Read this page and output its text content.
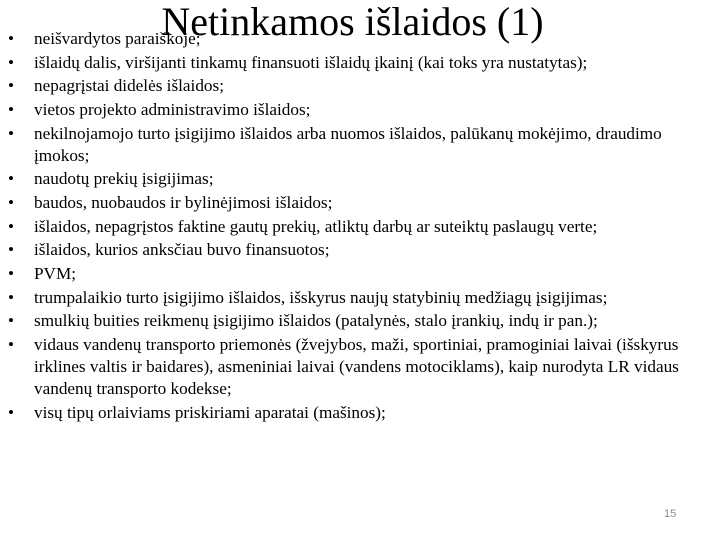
Netinkamos išlaidos (1)
•	neišvardytos paraiškoje;
•	išlaidų dalis, viršijanti tinkamų finansuoti išlaidų įkainį (kai toks yra nustatytas);
•	nepagrįstai didelės išlaidos;
•	vietos projekto administravimo išlaidos;
•	nekilnojamojo turto įsigijimo išlaidos arba nuomos išlaidos, palūkanų mokėjimo, draudimo įmokos;
•	naudotų prekių įsigijimas;
•	baudos, nuobaudos ir bylinėjimosi išlaidos;
•	išlaidos, nepagrįstos faktine gautų prekių, atliktų darbų ar suteiktų paslaugų verte;
•	išlaidos, kurios anksčiau buvo finansuotos;
•	PVM;
•	trumpalaikio turto įsigijimo išlaidos, išskyrus naujų statybinių medžiagų įsigijimas;
•	smulkių buities reikmenų įsigijimo išlaidos (patalynės, stalo įrankių, indų ir pan.);
•	vidaus vandenų transporto priemonės (žvejybos, maži, sportiniai, pramoginiai laivai (išskyrus irklines valtis ir baidares), asmeniniai laivai (vandens motociklams), kaip nurodyta LR vidaus vandenų transporto kodekse;
•	visų tipų orlaiviams priskiriami aparatai (mašinos);
15
